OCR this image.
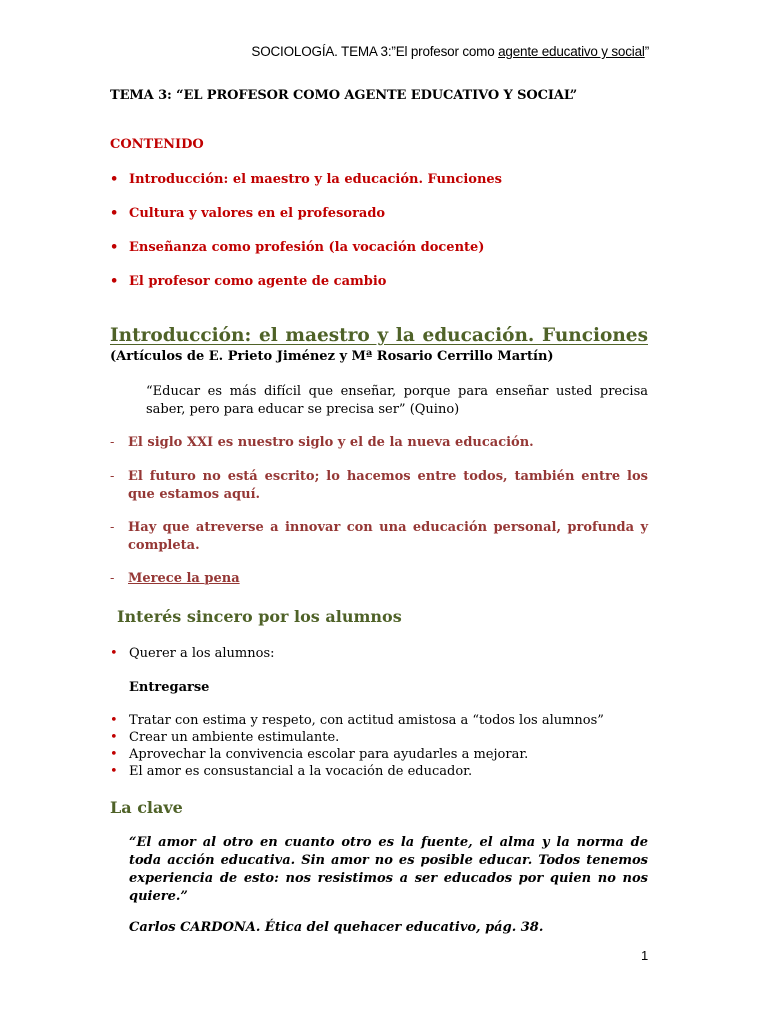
SOCIOLOGÍA. TEMA 3:”El profesor como agente educativo y social”
TEMA 3: “EL PROFESOR COMO AGENTE EDUCATIVO Y SOCIAL”
CONTENIDO
• Introducción: el maestro y la educación. Funciones
• Cultura y valores en el profesorado
• Enseñanza como profesión (la vocación docente)
• El profesor como agente de cambio
Introducción: el maestro y la educación. Funciones
(Artículos de E. Prieto Jiménez y Mª Rosario Cerrillo Martín)

“Educar es más difícil que enseñar, porque para enseñar usted precisa saber, pero para educar se precisa ser” (Quino)

- El siglo XXI es nuestro siglo y el de la nueva educación.
- El futuro no está escrito; lo hacemos entre todos, también entre los que estamos aquí.
- Hay que atreverse a innovar con una educación personal, profunda y completa.
- Merece la pena
Interés sincero por los alumnos
• Querer a los alumnos:
Entregarse
• Tratar con estima y respeto, con actitud amistosa a “todos los alumnos”
• Crear un ambiente estimulante.
• Aprovechar la convivencia escolar para ayudarles a mejorar.
• El amor es consustancial a la vocación de educador.
La clave

“El amor al otro en cuanto otro es la fuente, el alma y la norma de toda acción educativa. Sin amor no es posible educar. Todos tenemos experiencia de esto: nos resistimos a ser educados por quien no nos quiere.”

Carlos CARDONA. Ética del quehacer educativo, pág. 38.
1
